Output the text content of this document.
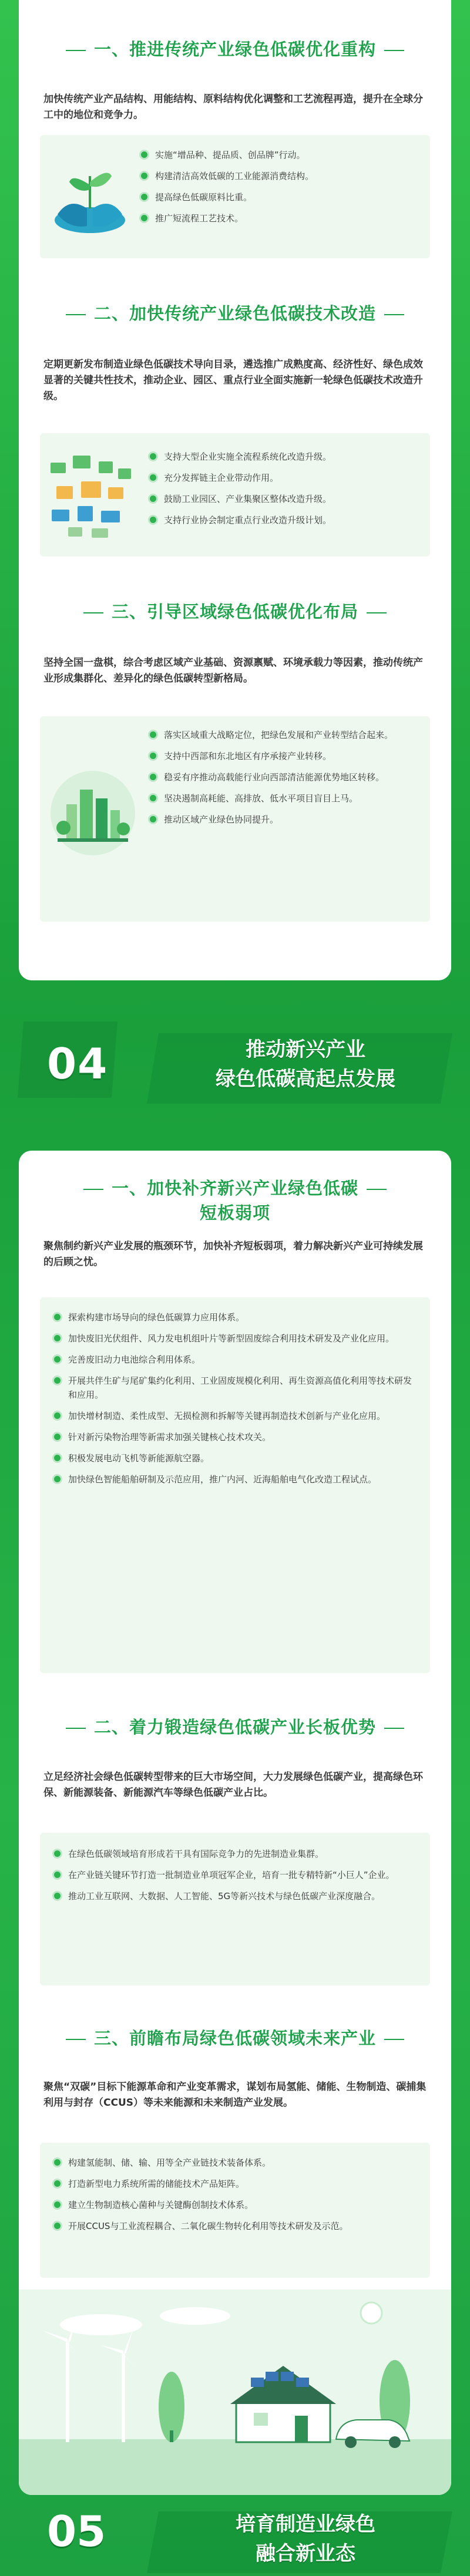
一、推进传统产业绿色低碳优化重构
加快传统产业产品结构、用能结构、原料结构优化调整和工艺流程再造，提升在全球分工中的地位和竞争力。
实施“增品种、提品质、创品牌”行动。
构建清洁高效低碳的工业能源消费结构。
提高绿色低碳原料比重。
推广短流程工艺技术。
二、加快传统产业绿色低碳技术改造
定期更新发布制造业绿色低碳技术导向目录，遴选推广成熟度高、经济性好、绿色成效显著的关键共性技术，推动企业、园区、重点行业全面实施新一轮绿色低碳技术改造升级。
支持大型企业实施全流程系统化改造升级。
充分发挥链主企业带动作用。
鼓励工业园区、产业集聚区整体改造升级。
支持行业协会制定重点行业改造升级计划。
三、引导区域绿色低碳优化布局
坚持全国一盘棋，综合考虑区域产业基础、资源禀赋、环境承载力等因素，推动传统产业形成集群化、差异化的绿色低碳转型新格局。
落实区域重大战略定位，把绿色发展和产业转型结合起来。
支持中西部和东北地区有序承接产业转移。
稳妥有序推动高载能行业向西部清洁能源优势地区转移。
坚决遏制高耗能、高排放、低水平项目盲目上马。
推动区域产业绿色协同提升。
04	推动新兴产业
绿色低碳高起点发展
一、加快补齐新兴产业绿色低碳
短板弱项
聚焦制约新兴产业发展的瓶颈环节，加快补齐短板弱项，着力解决新兴产业可持续发展的后顾之忧。
探索构建市场导向的绿色低碳算力应用体系。
加快废旧光伏组件、风力发电机组叶片等新型固废综合利用技术研发及产业化应用。
完善废旧动力电池综合利用体系。
开展共伴生矿与尾矿集约化利用、工业固废规模化利用、再生资源高值化利用等技术研发和应用。
加快增材制造、柔性成型、无损检测和拆解等关键再制造技术创新与产业化应用。
针对新污染物治理等新需求加强关键核心技术攻关。
积极发展电动飞机等新能源航空器。
加快绿色智能船舶研制及示范应用，推广内河、近海船舶电气化改造工程试点。
二、着力锻造绿色低碳产业长板优势
立足经济社会绿色低碳转型带来的巨大市场空间，大力发展绿色低碳产业，提高绿色环保、新能源装备、新能源汽车等绿色低碳产业占比。
在绿色低碳领域培育形成若干具有国际竞争力的先进制造业集群。
在产业链关键环节打造一批制造业单项冠军企业，培育一批专精特新“小巨人”企业。
推动工业互联网、大数据、人工智能、5G等新兴技术与绿色低碳产业深度融合。
三、前瞻布局绿色低碳领域未来产业
聚焦“双碳”目标下能源革命和产业变革需求，谋划布局氢能、储能、生物制造、碳捕集利用与封存（CCUS）等未来能源和未来制造产业发展。
构建氢能制、储、输、用等全产业链技术装备体系。
打造新型电力系统所需的储能技术产品矩阵。
建立生物制造核心菌种与关键酶创制技术体系。
开展CCUS与工业流程耦合、二氧化碳生物转化利用等技术研发及示范。
05	培育制造业绿色
融合新业态
